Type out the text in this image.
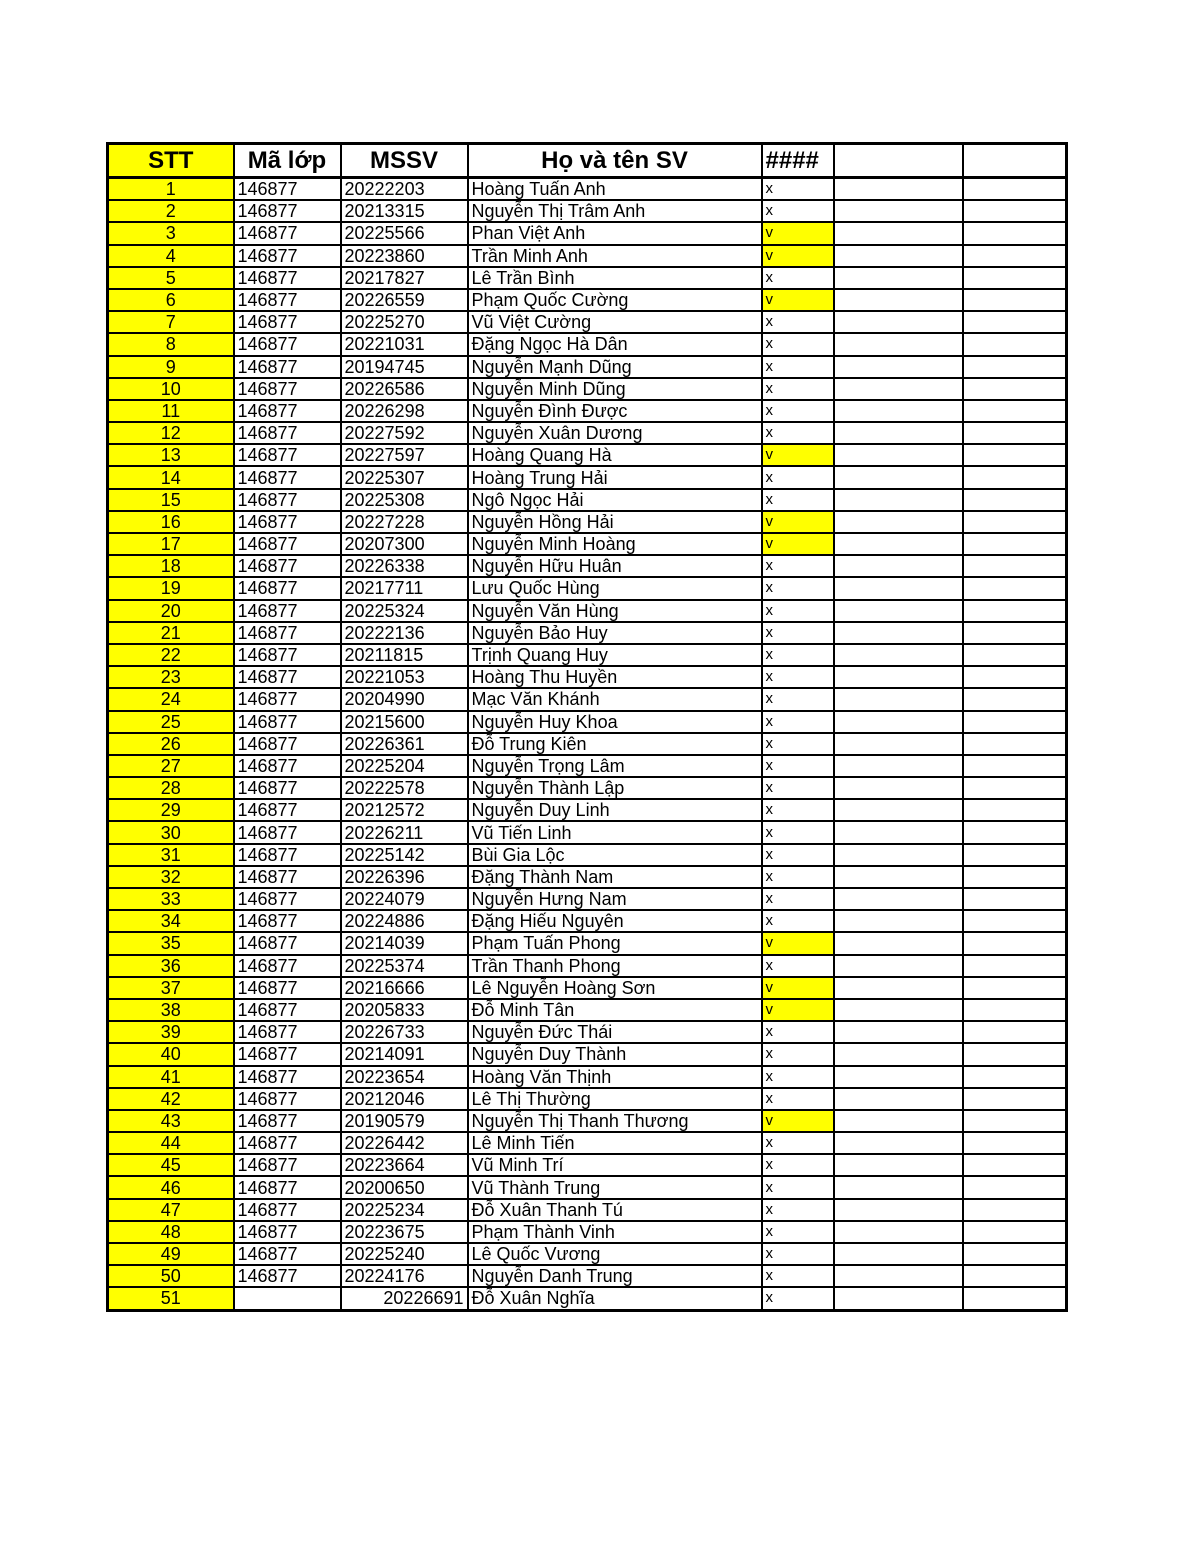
STT	Mã lớp	MSSV	Họ và tên SV	####		
1	146877	20222203	Hoàng Tuấn Anh	x		
2	146877	20213315	Nguyễn Thị Trâm Anh	x		
3	146877	20225566	Phan Việt Anh	v		
4	146877	20223860	Trần Minh Anh	v		
5	146877	20217827	Lê Trần Bình	x		
6	146877	20226559	Phạm Quốc Cường	v		
7	146877	20225270	Vũ Việt Cường	x		
8	146877	20221031	Đặng Ngọc Hà Dân	x		
9	146877	20194745	Nguyễn Mạnh Dũng	x		
10	146877	20226586	Nguyễn Minh Dũng	x		
11	146877	20226298	Nguyễn Đình Được	x		
12	146877	20227592	Nguyễn Xuân Dương	x		
13	146877	20227597	Hoàng Quang Hà	v		
14	146877	20225307	Hoàng Trung Hải	x		
15	146877	20225308	Ngô Ngọc Hải	x		
16	146877	20227228	Nguyễn Hồng Hải	v		
17	146877	20207300	Nguyễn Minh Hoàng	v		
18	146877	20226338	Nguyễn Hữu Huân	x		
19	146877	20217711	Lưu Quốc Hùng	x		
20	146877	20225324	Nguyễn Văn Hùng	x		
21	146877	20222136	Nguyễn Bảo Huy	x		
22	146877	20211815	Trịnh Quang Huy	x		
23	146877	20221053	Hoàng Thu Huyền	x		
24	146877	20204990	Mạc Văn Khánh	x		
25	146877	20215600	Nguyễn Huy Khoa	x		
26	146877	20226361	Đỗ Trung Kiên	x		
27	146877	20225204	Nguyễn Trọng Lâm	x		
28	146877	20222578	Nguyễn Thành Lập	x		
29	146877	20212572	Nguyễn Duy Linh	x		
30	146877	20226211	Vũ Tiến Linh	x		
31	146877	20225142	Bùi Gia Lộc	x		
32	146877	20226396	Đặng Thành Nam	x		
33	146877	20224079	Nguyễn Hưng Nam	x		
34	146877	20224886	Đặng Hiếu Nguyên	x		
35	146877	20214039	Phạm Tuấn Phong	v		
36	146877	20225374	Trần Thanh Phong	x		
37	146877	20216666	Lê Nguyễn Hoàng Sơn	v		
38	146877	20205833	Đỗ Minh Tân	v		
39	146877	20226733	Nguyễn Đức Thái	x		
40	146877	20214091	Nguyễn Duy Thành	x		
41	146877	20223654	Hoàng Văn Thịnh	x		
42	146877	20212046	Lê Thị Thường	x		
43	146877	20190579	Nguyễn Thị Thanh Thương	v		
44	146877	20226442	Lê Minh Tiến	x		
45	146877	20223664	Vũ Minh Trí	x		
46	146877	20200650	Vũ Thành Trung	x		
47	146877	20225234	Đỗ Xuân Thanh Tú	x		
48	146877	20223675	Phạm Thành Vinh	x		
49	146877	20225240	Lê Quốc Vương	x		
50	146877	20224176	Nguyễn Danh Trung	x		
51		20226691	Đỗ Xuân Nghĩa	x		
